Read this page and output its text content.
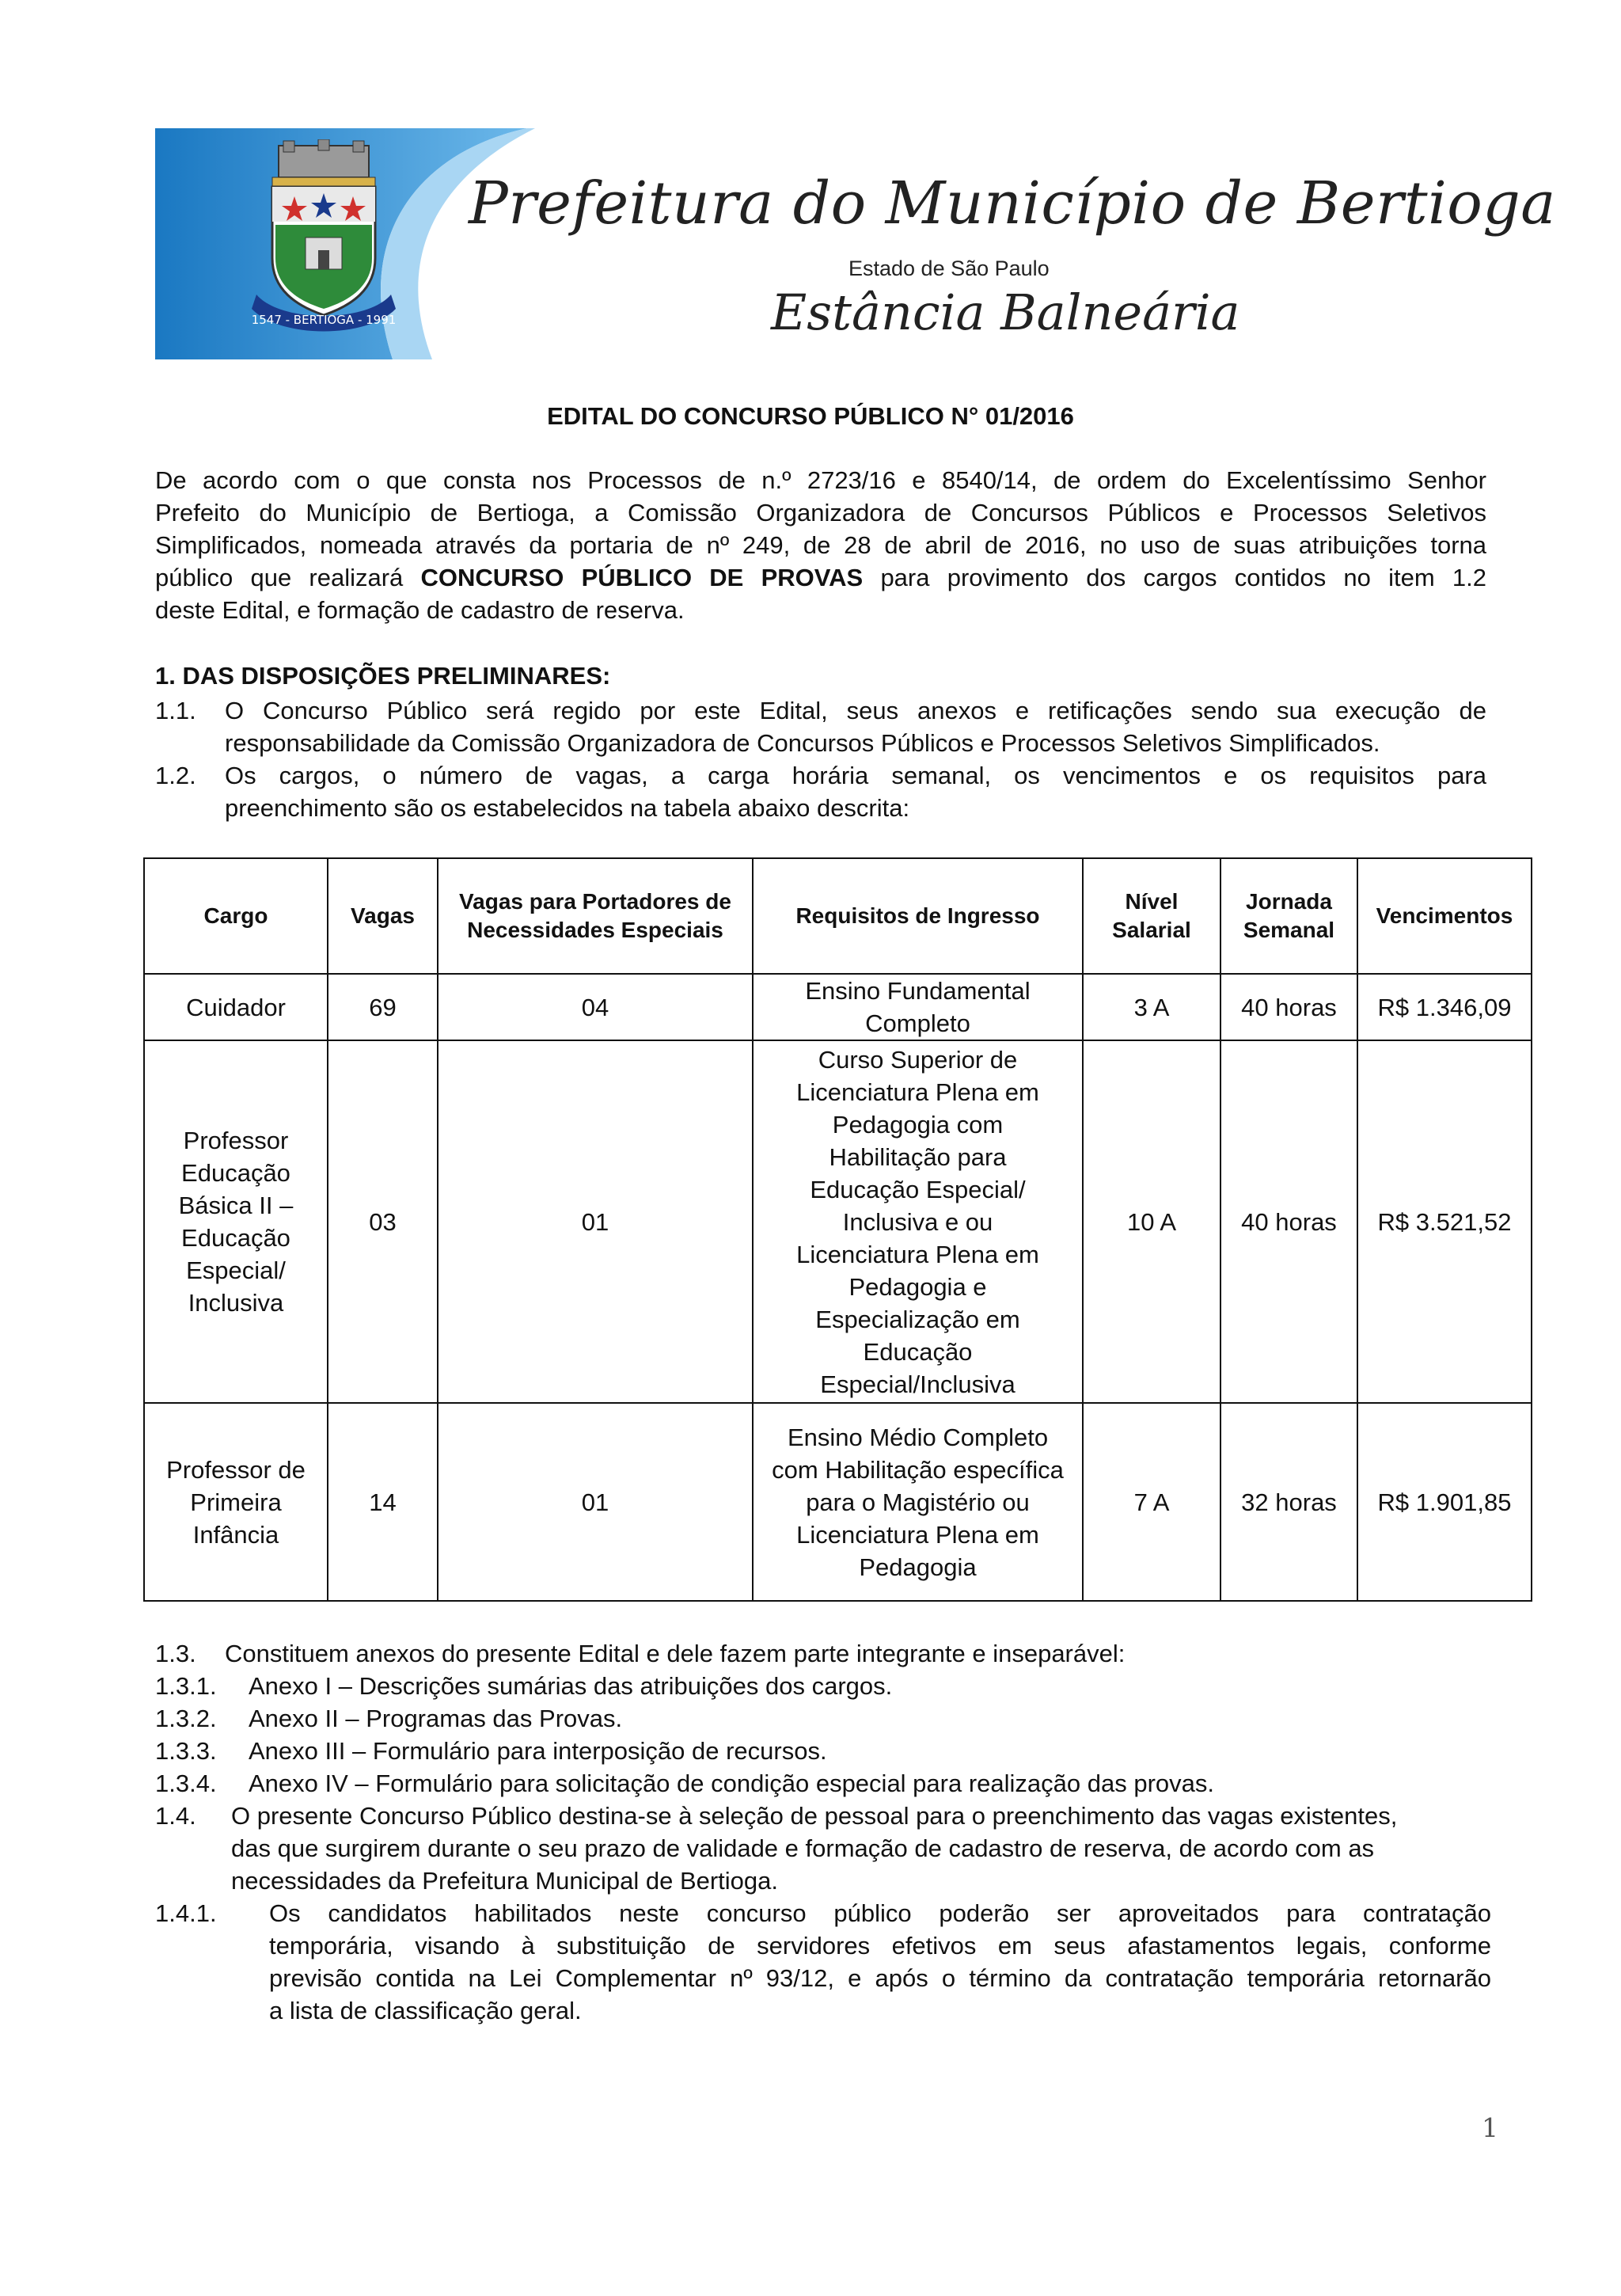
1547 - BERTIOGA - 1991
Prefeitura do Município de Bertioga
Estado de São Paulo
Estância Balneária
EDITAL DO CONCURSO PÚBLICO N° 01/2016
De acordo com o que consta nos Processos de n.º 2723/16 e 8540/14, de ordem do Excelentíssimo Senhor
Prefeito do Município de Bertioga, a Comissão Organizadora de Concursos Públicos e Processos Seletivos
Simplificados, nomeada através da portaria de nº 249, de 28 de abril de 2016, no uso de suas atribuições torna
público que realizará CONCURSO PÚBLICO DE PROVAS para provimento dos cargos contidos no item 1.2
deste Edital, e formação de cadastro de reserva.
1. DAS DISPOSIÇÕES PRELIMINARES:
1.1. O Concurso Público será regido por este Edital, seus anexos e retificações sendo sua execução de
responsabilidade da Comissão Organizadora de Concursos Públicos e Processos Seletivos Simplificados.
1.2. Os cargos, o número de vagas, a carga horária semanal, os vencimentos e os requisitos para
preenchimento são os estabelecidos na tabela abaixo descrita:
Cargo	Vagas	Vagas para Portadores de Necessidades Especiais	Requisitos de Ingresso	Nível Salarial	Jornada Semanal	Vencimentos
Cuidador	69	04	Ensino Fundamental Completo	3 A	40 horas	R$ 1.346,09
Professor Educação Básica II – Educação Especial/ Inclusiva	03	01	Curso Superior de Licenciatura Plena em Pedagogia com Habilitação para Educação Especial/ Inclusiva e ou Licenciatura Plena em Pedagogia e Especialização em Educação Especial/Inclusiva	10 A	40 horas	R$ 3.521,52
Professor de Primeira Infância	14	01	Ensino Médio Completo com Habilitação específica para o Magistério ou Licenciatura Plena em Pedagogia	7 A	32 horas	R$ 1.901,85
1.3. Constituem anexos do presente Edital e dele fazem parte integrante e inseparável:
1.3.1. Anexo I – Descrições sumárias das atribuições dos cargos.
1.3.2. Anexo II – Programas das Provas.
1.3.3. Anexo III – Formulário para interposição de recursos.
1.3.4. Anexo IV – Formulário para solicitação de condição especial para realização das provas.
1.4. O presente Concurso Público destina-se à seleção de pessoal para o preenchimento das vagas existentes,
das que surgirem durante o seu prazo de validade e formação de cadastro de reserva, de acordo com as
necessidades da Prefeitura Municipal de Bertioga.
1.4.1. Os candidatos habilitados neste concurso público poderão ser aproveitados para contratação
temporária, visando à substituição de servidores efetivos em seus afastamentos legais, conforme
previsão contida na Lei Complementar nº 93/12, e após o término da contratação temporária retornarão
a lista de classificação geral.
1
